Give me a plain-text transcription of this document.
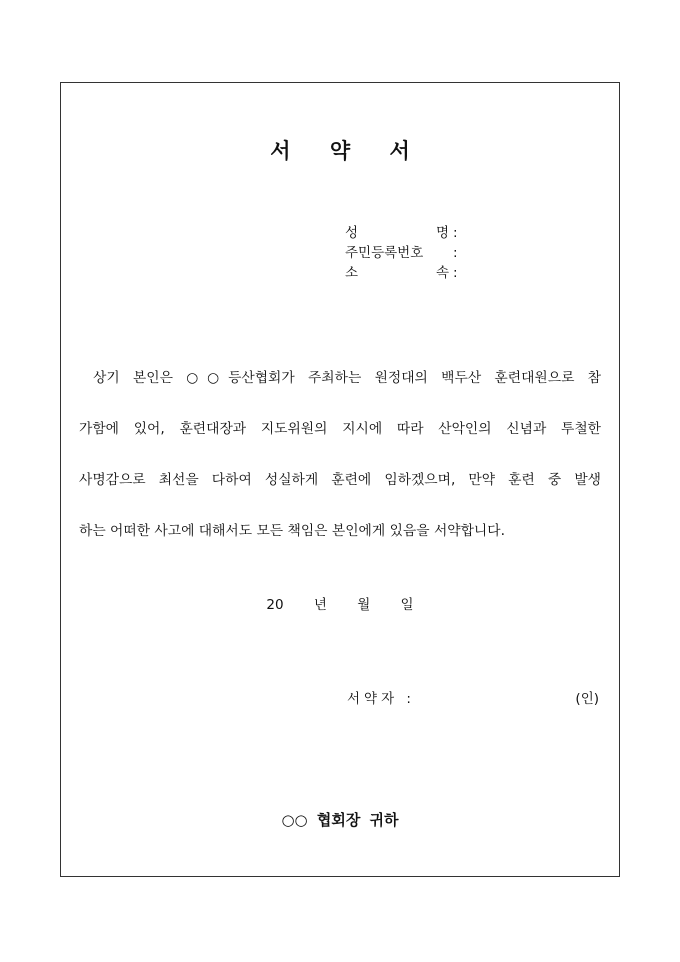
서 약 서
성	명 :
주민등록번호 :
소	속 :
상기 본인은 ○○등산협회가 주최하는 원정대의 백두산 훈련대원으로 참
가함에 있어, 훈련대장과 지도위원의 지시에 따라 산악인의 신념과 투철한
사명감으로 최선을 다하여 성실하게 훈련에 임하겠으며, 만약 훈련 중 발생
하는 어떠한 사고에 대해서도 모든 책임은 본인에게 있음을 서약합니다.
20 년 월 일
서약자 :	(인)
○○ 협회장 귀하
